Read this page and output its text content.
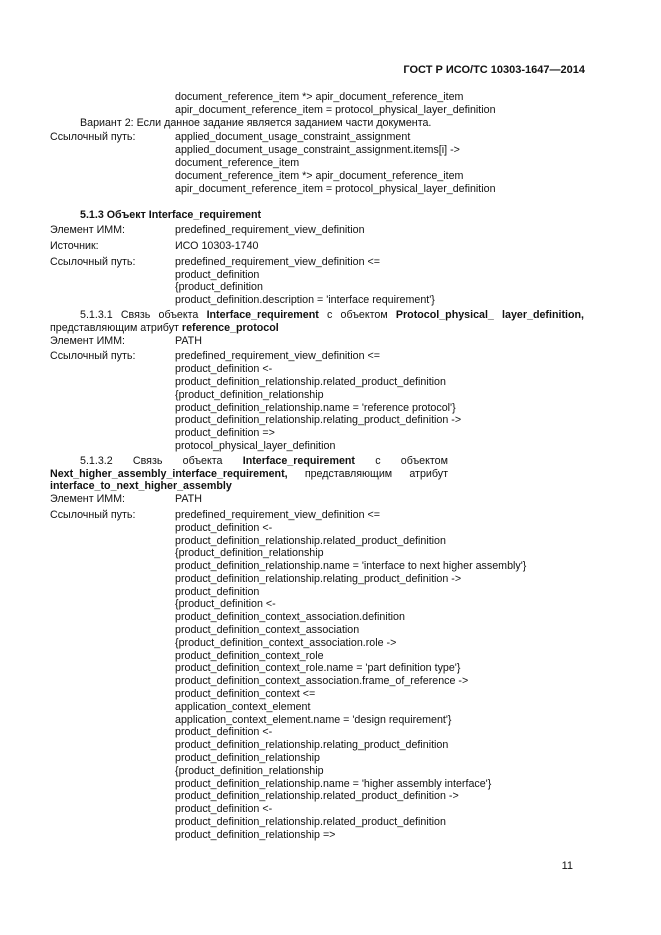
ГОСТ Р ИСО/ТС 10303-1647—2014
document_reference_item *> apir_document_reference_item
apir_document_reference_item = protocol_physical_layer_definition
Вариант 2: Если данное задание является заданием части документа.
Ссылочный путь:	applied_document_usage_constraint_assignment
applied_document_usage_constraint_assignment.items[i] ->
document_reference_item
document_reference_item *> apir_document_reference_item
apir_document_reference_item = protocol_physical_layer_definition
5.1.3 Объект Interface_requirement
Элемент ИММ:	predefined_requirement_view_definition
Источник:	ИСО 10303-1740
Ссылочный путь:	predefined_requirement_view_definition <=
product_definition
{product_definition
product_definition.description = 'interface requirement'}
5.1.3.1 Связь объекта Interface_requirement с объектом Protocol_physical_ layer_definition,
представляющим атрибут reference_protocol
Элемент ИММ:	PATH
Ссылочный путь:	predefined_requirement_view_definition <=
product_definition <-
product_definition_relationship.related_product_definition
{product_definition_relationship
product_definition_relationship.name = 'reference protocol'}
product_definition_relationship.relating_product_definition ->
product_definition =>
protocol_physical_layer_definition
5.1.3.2 Связь объекта Interface_requirement с объектом
Next_higher_assembly_interface_requirement, представляющим атрибут
interface_to_next_higher_assembly
Элемент ИММ:	PATH
Ссылочный путь:	predefined_requirement_view_definition <=
product_definition <-
product_definition_relationship.related_product_definition
{product_definition_relationship
product_definition_relationship.name = 'interface to next higher assembly'}
product_definition_relationship.relating_product_definition ->
product_definition
{product_definition <-
product_definition_context_association.definition
product_definition_context_association
{product_definition_context_association.role ->
product_definition_context_role
product_definition_context_role.name = 'part definition type'}
product_definition_context_association.frame_of_reference ->
product_definition_context <=
application_context_element
application_context_element.name = 'design requirement'}
product_definition <-
product_definition_relationship.relating_product_definition
product_definition_relationship
{product_definition_relationship
product_definition_relationship.name = 'higher assembly interface'}
product_definition_relationship.related_product_definition ->
product_definition <-
product_definition_relationship.related_product_definition
product_definition_relationship =>
11
